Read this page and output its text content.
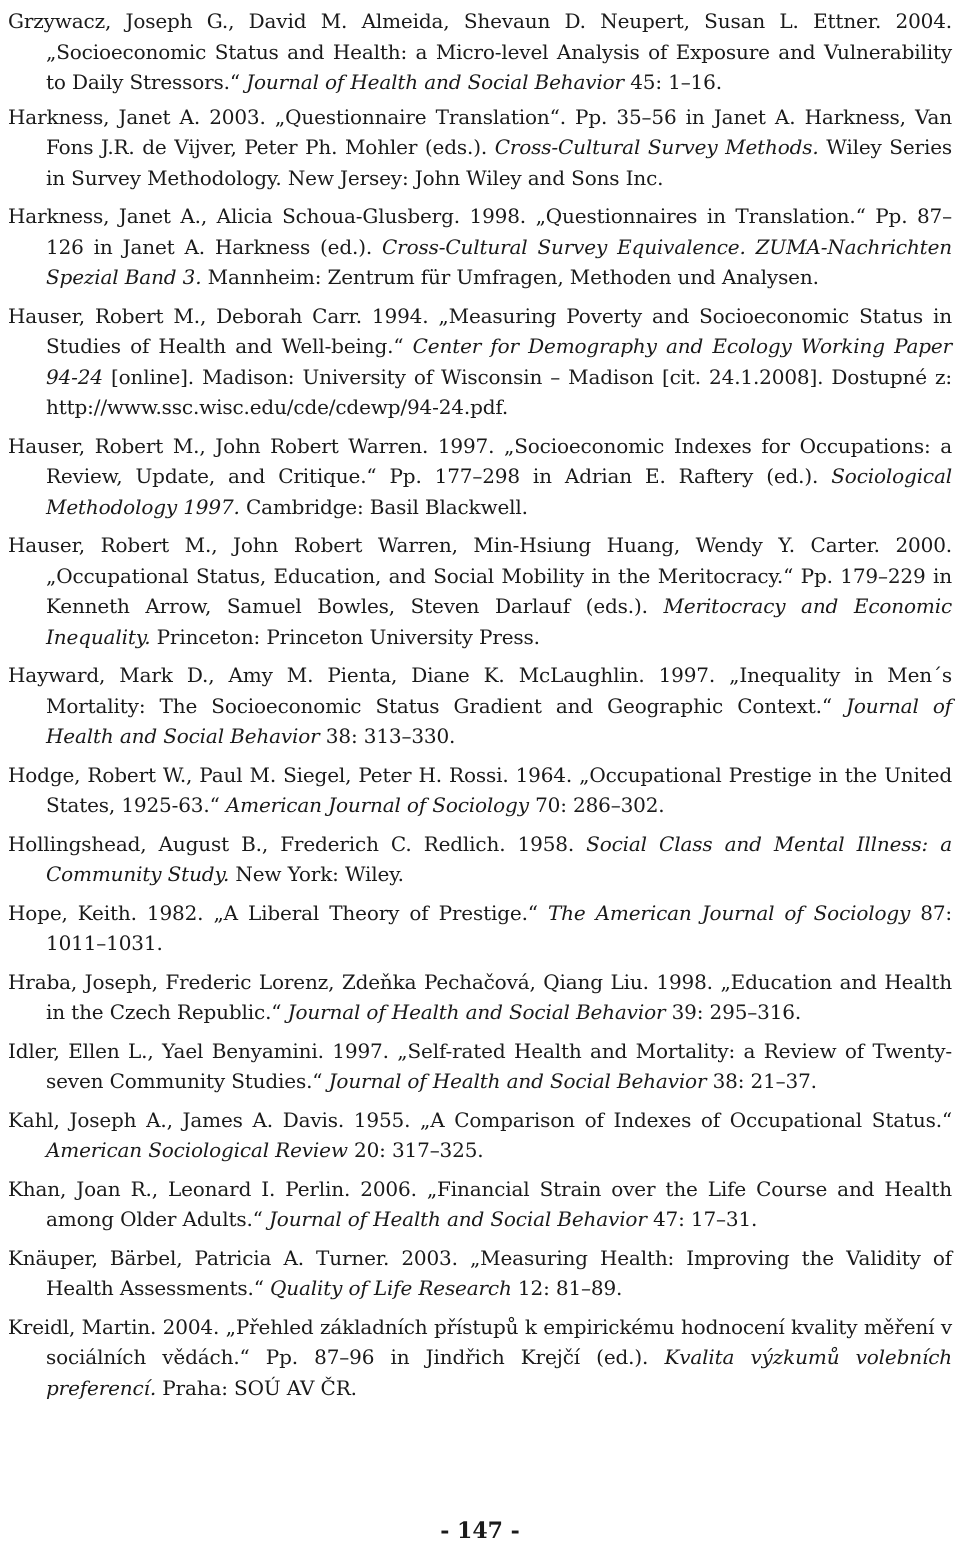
Grzywacz, Joseph G., David M. Almeida, Shevaun D. Neupert, Susan L. Ettner. 2004. „Socioeconomic Status and Health: a Micro-level Analysis of Exposure and Vulnerability to Daily Stressors.“ Journal of Health and Social Behavior 45: 1–16.

Harkness, Janet A. 2003. „Questionnaire Translation“. Pp. 35–56 in Janet A. Harkness, Van Fons J.R. de Vijver, Peter Ph. Mohler (eds.). Cross-Cultural Survey Methods. Wiley Series in Survey Methodology. New Jersey: John Wiley and Sons Inc.

Harkness, Janet A., Alicia Schoua-Glusberg. 1998. „Questionnaires in Translation.“ Pp. 87–126 in Janet A. Harkness (ed.). Cross-Cultural Survey Equivalence. ZUMA-Nachrichten Spezial Band 3. Mannheim: Zentrum für Umfragen, Methoden und Analysen.

Hauser, Robert M., Deborah Carr. 1994. „Measuring Poverty and Socioeconomic Status in Studies of Health and Well-being.“ Center for Demography and Ecology Working Paper 94-24 [online]. Madison: University of Wisconsin – Madison [cit. 24.1.2008]. Dostupné z: http://www.ssc.wisc.edu/cde/cdewp/94-24.pdf.

Hauser, Robert M., John Robert Warren. 1997. „Socioeconomic Indexes for Occupations: a Review, Update, and Critique.“ Pp. 177–298 in Adrian E. Raftery (ed.). Sociological Methodology 1997. Cambridge: Basil Blackwell.

Hauser, Robert M., John Robert Warren, Min-Hsiung Huang, Wendy Y. Carter. 2000. „Occupational Status, Education, and Social Mobility in the Meritocracy.“ Pp. 179–229 in Kenneth Arrow, Samuel Bowles, Steven Darlauf (eds.). Meritocracy and Economic Inequality. Princeton: Princeton University Press.

Hayward, Mark D., Amy M. Pienta, Diane K. McLaughlin. 1997. „Inequality in Men´s Mortality: The Socioeconomic Status Gradient and Geographic Context.“ Journal of Health and Social Behavior 38: 313–330.

Hodge, Robert W., Paul M. Siegel, Peter H. Rossi. 1964. „Occupational Prestige in the United States, 1925-63.“ American Journal of Sociology 70: 286–302.

Hollingshead, August B., Frederich C. Redlich. 1958. Social Class and Mental Illness: a Community Study. New York: Wiley.

Hope, Keith. 1982. „A Liberal Theory of Prestige.“ The American Journal of Sociology 87: 1011–1031.

Hraba, Joseph, Frederic Lorenz, Zdeňka Pechačová, Qiang Liu. 1998. „Education and Health in the Czech Republic.“ Journal of Health and Social Behavior 39: 295–316.

Idler, Ellen L., Yael Benyamini. 1997. „Self-rated Health and Mortality: a Review of Twenty-seven Community Studies.“ Journal of Health and Social Behavior 38: 21–37.

Kahl, Joseph A., James A. Davis. 1955. „A Comparison of Indexes of Occupational Status.“ American Sociological Review 20: 317–325.

Khan, Joan R., Leonard I. Perlin. 2006. „Financial Strain over the Life Course and Health among Older Adults.“ Journal of Health and Social Behavior 47: 17–31.

Knäuper, Bärbel, Patricia A. Turner. 2003. „Measuring Health: Improving the Validity of Health Assessments.“ Quality of Life Research 12: 81–89.

Kreidl, Martin. 2004. „Přehled základních přístupů k empirickému hodnocení kvality měření v sociálních vědách.“ Pp. 87–96 in Jindřich Krejčí (ed.). Kvalita výzkumů volebních preferencí. Praha: SOÚ AV ČR.

- 147 -
